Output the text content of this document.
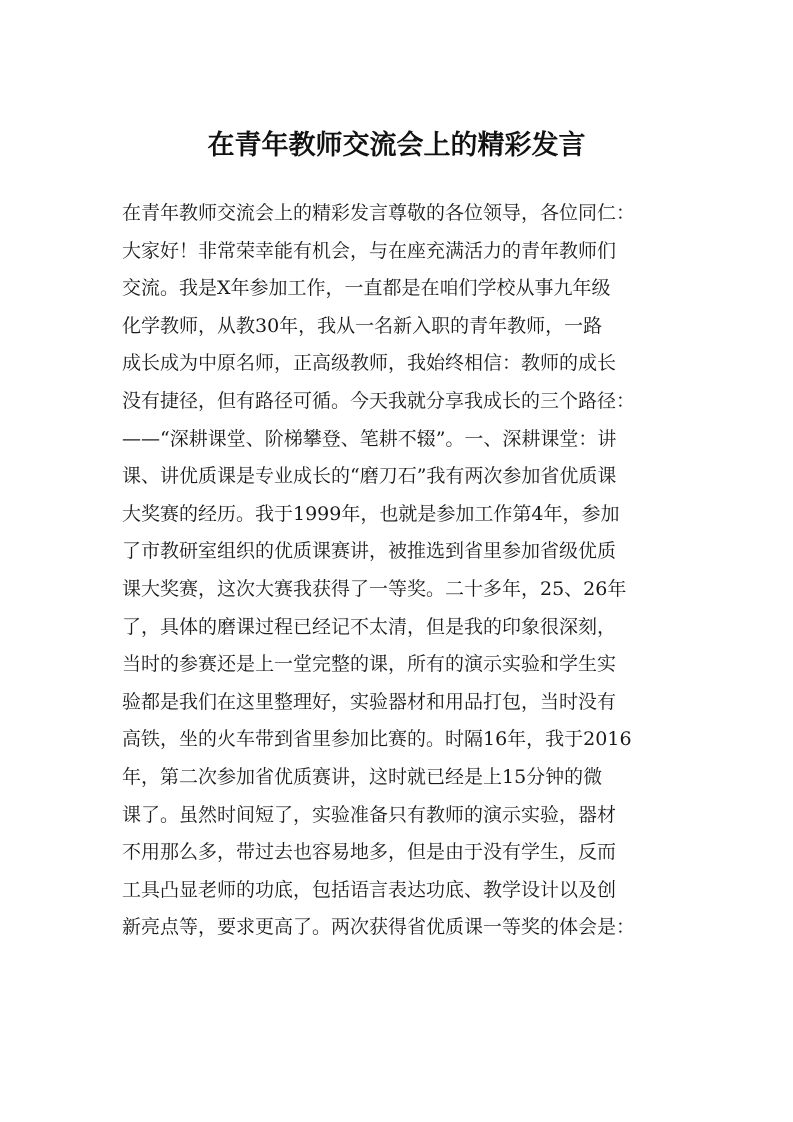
在青年教师交流会上的精彩发言
在青年教师交流会上的精彩发言尊敬的各位领导，各位同仁：
大家好！非常荣幸能有机会，与在座充满活力的青年教师们
交流。我是X年参加工作，一直都是在咱们学校从事九年级
化学教师，从教30年，我从一名新入职的青年教师，一路
成长成为中原名师，正高级教师，我始终相信：教师的成长
没有捷径，但有路径可循。今天我就分享我成长的三个路径：
——“深耕课堂、阶梯攀登、笔耕不辍”。一、深耕课堂：讲
课、讲优质课是专业成长的“磨刀石”我有两次参加省优质课
大奖赛的经历。我于1999年，也就是参加工作第4年，参加
了市教研室组织的优质课赛讲，被推选到省里参加省级优质
课大奖赛，这次大赛我获得了一等奖。二十多年，25、26年
了，具体的磨课过程已经记不太清，但是我的印象很深刻，
当时的参赛还是上一堂完整的课，所有的演示实验和学生实
验都是我们在这里整理好，实验器材和用品打包，当时没有
高铁，坐的火车带到省里参加比赛的。时隔16年，我于2016
年，第二次参加省优质赛讲，这时就已经是上15分钟的微
课了。虽然时间短了，实验准备只有教师的演示实验，器材
不用那么多，带过去也容易地多，但是由于没有学生，反而
工具凸显老师的功底，包括语言表达功底、教学设计以及创
新亮点等，要求更高了。两次获得省优质课一等奖的体会是：
